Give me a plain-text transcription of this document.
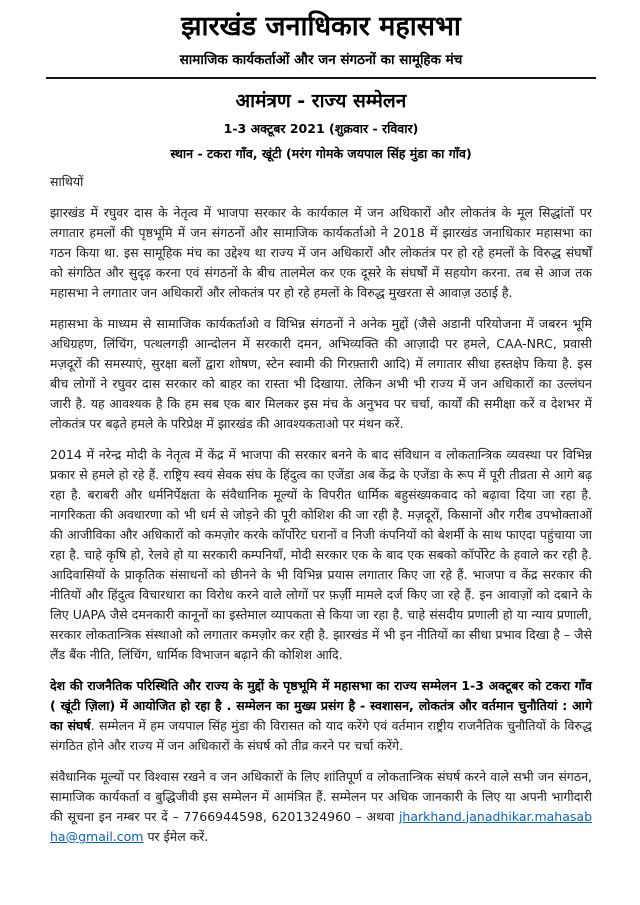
झारखंड जनाधिकार महासभा
सामाजिक कार्यकर्ताओं और जन संगठनों का सामूहिक मंच
आमंत्रण - राज्य सम्मेलन
1-3 अक्टूबर 2021 (शुक्रवार - रविवार)
स्थान - टकरा गाँव, खूंटी (मरंग गोमके जयपाल सिंह मुंडा का गाँव)

साथियों

झारखंड में रघुवर दास के नेतृत्व में भाजपा सरकार के कार्यकाल में जन अधिकारों और लोकतंत्र के मूल सिद्धांतों पर लगातार हमलों की पृष्ठभूमि में जन संगठनों और सामाजिक कार्यकर्ताओ ने 2018 में झारखंड जनाधिकार महासभा का गठन किया था. इस सामूहिक मंच का उद्देश्य था राज्य में जन अधिकारों और लोकतंत्र पर हो रहे हमलों के विरुद्ध संघर्षों को संगठित और सुदृढ़ करना एवं संगठनों के बीच तालमेल कर एक दूसरे के संघर्षों में सहयोग करना. तब से आज तक महासभा ने लगातार जन अधिकारों और लोकतंत्र पर हो रहे हमलों के विरुद्ध मुखरता से आवाज़ उठाई है.

महासभा के माध्यम से सामाजिक कार्यकर्ताओ व विभिन्न संगठनों ने अनेक मुद्दों (जैसे अडानी परियोजना में जबरन भूमि अधिग्रहण, लिंचिंग, पत्थलगड़ी आन्दोलन में सरकारी दमन, अभिव्यक्ति की आज़ादी पर हमले, CAA-NRC, प्रवासी मज़दूरों की समस्याएं, सुरक्षा बलों द्वारा शोषण, स्टेन स्वामी की गिरफ़्तारी आदि) में लगातार सीधा हस्तक्षेप किया है. इस बीच लोगों ने रघुवर दास सरकार को बाहर का रास्ता भी दिखाया. लेकिन अभी भी राज्य में जन अधिकारों का उल्लंघन जारी है. यह आवश्यक है कि हम सब एक बार मिलकर इस मंच के अनुभव पर चर्चा, कार्यों की समीक्षा करें व देशभर में लोकतंत्र पर बढ़ते हमले के परिप्रेक्ष में झारखंड की आवश्यकताओ पर मंथन करें.

2014 में नरेन्द्र मोदी के नेतृत्व में केंद्र में भाजपा की सरकार बनने के बाद संविधान व लोकतान्त्रिक व्यवस्था पर विभिन्न प्रकार से हमले हो रहे हैं. राष्ट्रिय स्वयं सेवक संघ के हिंदुत्व का एजेंडा अब केंद्र के एजेंडा के रूप में पूरी तीव्रता से आगे बढ़ रहा है. बराबरी और धर्मनिर्पेक्षता के संवैधानिक मूल्यों के विपरीत धार्मिक बहुसंख्यकवाद को बढ़ावा दिया जा रहा है. नागरिकता की अवधारणा को भी धर्म से जोड़ने की पूरी कोशिश की जा रही है. मज़दूरों, किसानों और गरीब उपभोक्ताओं की आजीविका और अधिकारों को कमज़ोर करके कॉर्पोरेट घरानों व निजी कंपनियों को बेशर्मी के साथ फाएदा पहुंचाया जा रहा है. चाहे कृषि हो, रेलवे हो या सरकारी कम्पनियाँ, मोदी सरकार एक के बाद एक सबको कॉर्पोरेट के हवाले कर रही है. आदिवासियों के प्राकृतिक संसाधनों को छीनने के भी विभिन्न प्रयास लगातार किए जा रहे हैं. भाजपा व केंद्र सरकार की नीतियों और हिंदुत्व विचारधारा का विरोध करने वाले लोगों पर फ़र्ज़ी मामले दर्ज किए जा रहे हैं. इन आवाज़ों को दबाने के लिए UAPA जैसे दमनकारी कानूनों का इस्तेमाल व्यापकता से किया जा रहा है. चाहे संसदीय प्रणाली हो या न्याय प्रणाली, सरकार लोकतान्त्रिक संस्थाओ को लगातार कमज़ोर कर रही है. झारखंड में भी इन नीतियों का सीधा प्रभाव दिखा है – जैसे लैंड बैंक नीति, लिंचिंग, धार्मिक विभाजन बढ़ाने की कोशिश आदि.

देश की राजनैतिक परिस्थिति और राज्य के मुद्दों के पृष्ठभूमि में महासभा का राज्य सम्मेलन 1-3 अक्टूबर को टकरा गाँव ( खूंटी ज़िला) में आयोजित हो रहा है . सम्मेलन का मुख्य प्रसंग है - स्वशासन, लोकतंत्र और वर्तमान चुनौतियां : आगे का संघर्ष. सम्मेलन में हम जयपाल सिंह मुंडा की विरासत को याद करेंगे एवं वर्तमान राष्ट्रीय राजनैतिक चुनौतियों के विरुद्ध संगठित होने और राज्य में जन अधिकारों के संघर्ष को तीव्र करने पर चर्चा करेंगे.

संवैधानिक मूल्यों पर विश्वास रखने व जन अधिकारों के लिए शांतिपूर्ण व लोकतान्त्रिक संघर्ष करने वाले सभी जन संगठन, सामाजिक कार्यकर्ता व बुद्धिजीवी इस सम्मेलन में आमंत्रित हैं. सम्मेलन पर अधिक जानकारी के लिए या अपनी भागीदारी की सूचना इन नम्बर पर दें – 7766944598, 6201324960 – अथवा jharkhand.janadhikar.mahasabha@gmail.com पर ईमेल करें.
